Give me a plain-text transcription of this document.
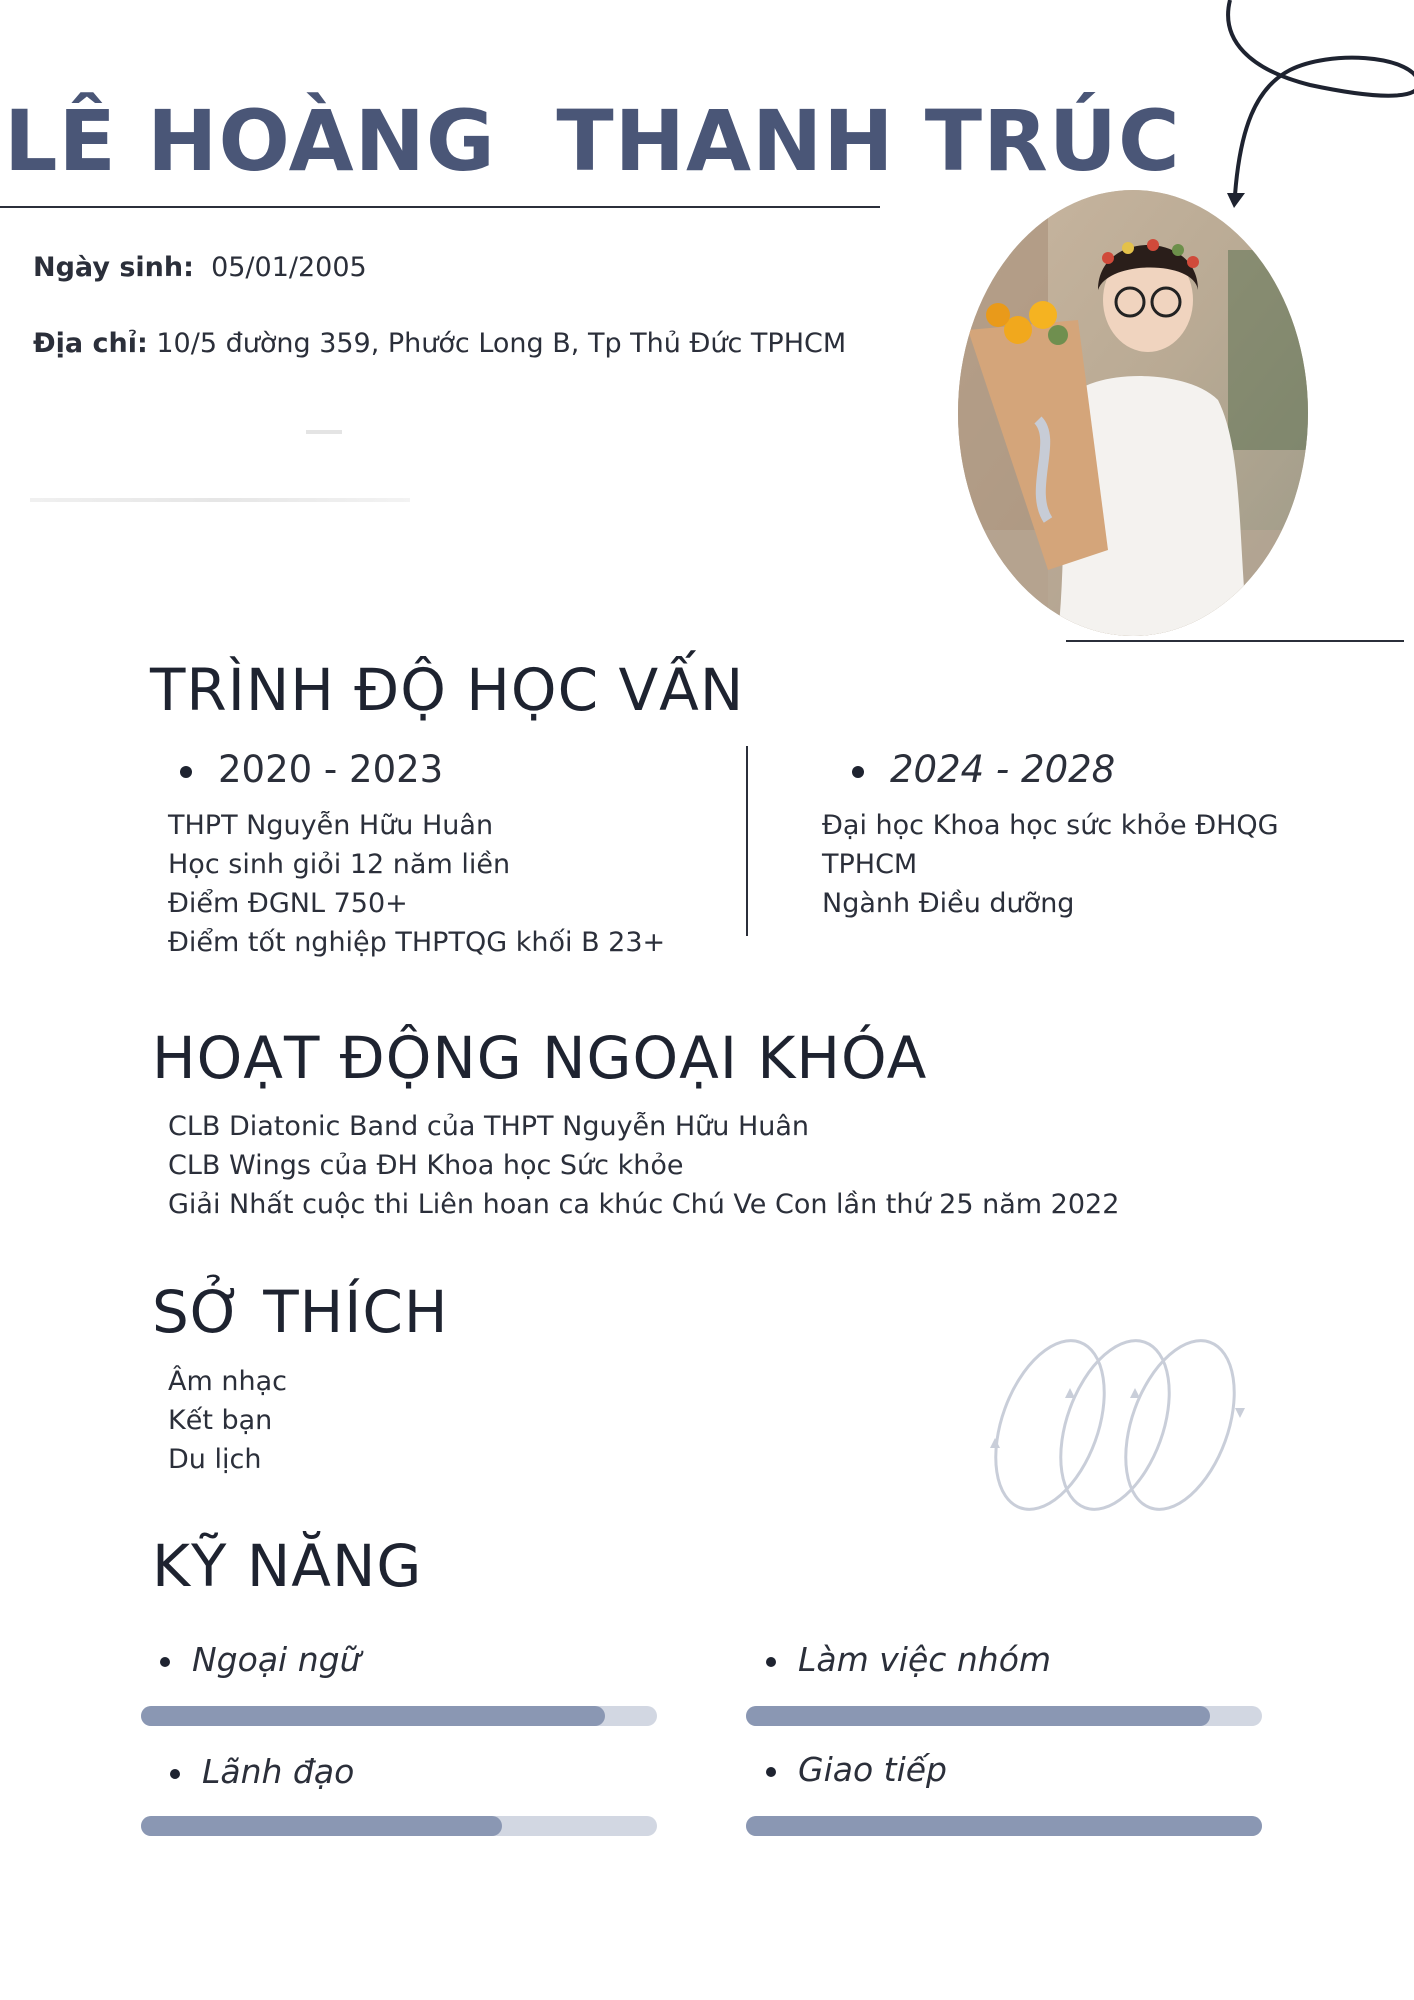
LÊ HOÀNG  THANH TRÚC
Ngày sinh: 05/01/2005
Địa chỉ: 10/5 đường 359, Phước Long B, Tp Thủ Đức TPHCM
TRÌNH ĐỘ HỌC VẤN
2020 - 2023
THPT Nguyễn Hữu Huân
Học sinh giỏi 12 năm liền
Điểm ĐGNL 750+
Điểm tốt nghiệp THPTQG khối B 23+
2024 - 2028
Đại học Khoa học sức khỏe ĐHQG
TPHCM
Ngành Điều dưỡng
HOẠT ĐỘNG NGOẠI KHÓA
CLB Diatonic Band của THPT Nguyễn Hữu Huân
CLB Wings của ĐH Khoa học Sức khỏe
Giải Nhất cuộc thi Liên hoan ca khúc Chú Ve Con lần thứ 25 năm 2022
SỞ THÍCH
Âm nhạc
Kết bạn
Du lịch
KỸ NĂNG
Ngoại ngữ	Làm việc nhóm
Lãnh đạo	Giao tiếp
